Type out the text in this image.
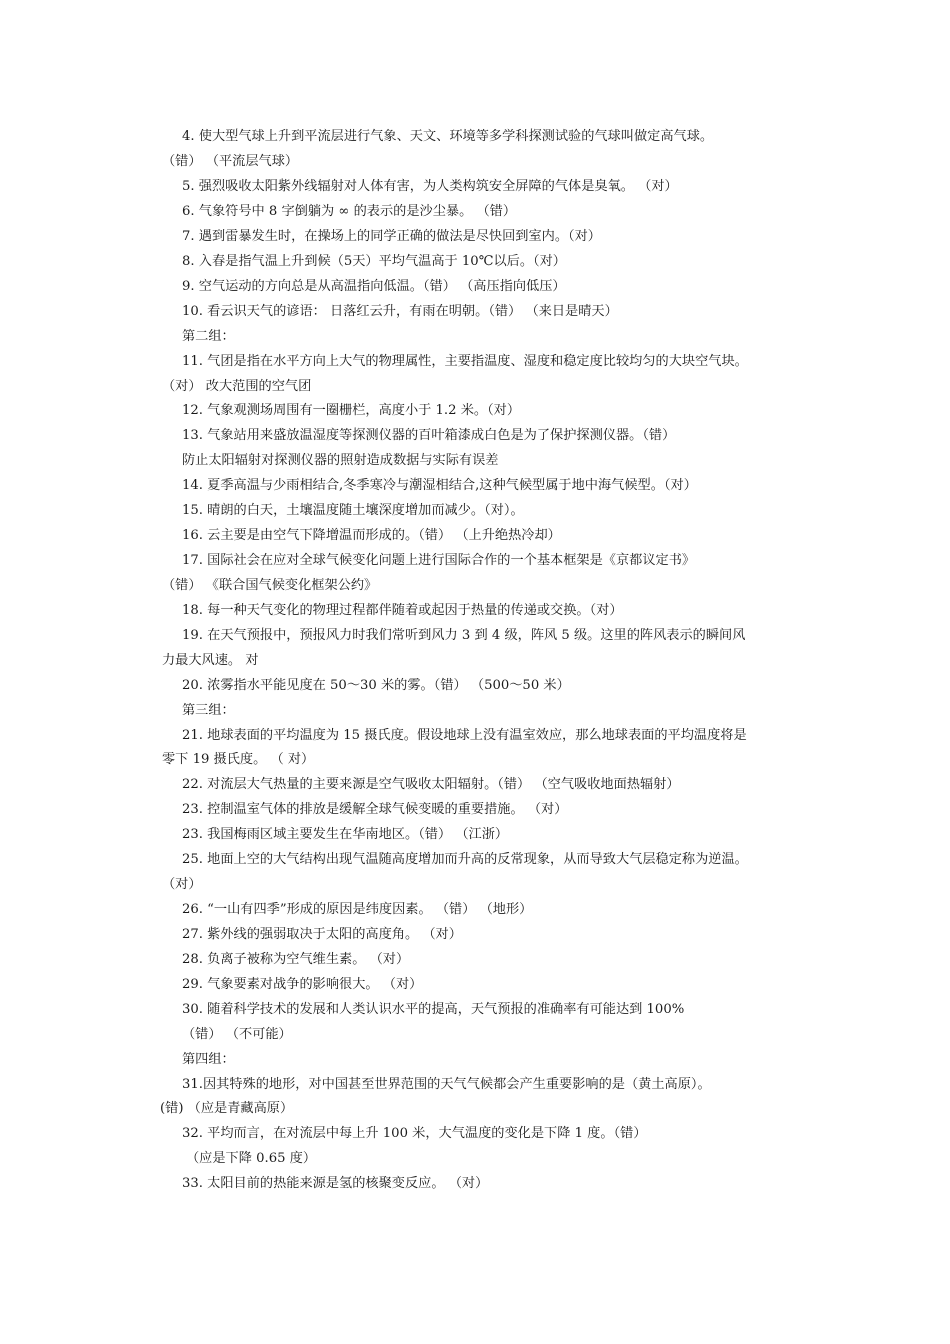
4. 使大型气球上升到平流层进行气象、天文、环境等多学科探测试验的气球叫做定高气球。
（错） （平流层气球）
5. 强烈吸收太阳紫外线辐射对人体有害，为人类构筑安全屏障的气体是臭氧。 （对）
6. 气象符号中 8 字倒躺为 ∞ 的表示的是沙尘暴。 （错）
7. 遇到雷暴发生时，在操场上的同学正确的做法是尽快回到室内。（对）
8. 入春是指气温上升到候（5天）平均气温高于 10℃以后。（对）
9. 空气运动的方向总是从高温指向低温。（错） （高压指向低压）
10. 看云识天气的谚语： 日落红云升，有雨在明朝。（错） （来日是晴天）
第二组：
11. 气团是指在水平方向上大气的物理属性，主要指温度、湿度和稳定度比较均匀的大块空气块。
（对） 改大范围的空气团
12. 气象观测场周围有一圈栅栏，高度小于 1.2 米。（对）
13. 气象站用来盛放温湿度等探测仪器的百叶箱漆成白色是为了保护探测仪器。（错）
防止太阳辐射对探测仪器的照射造成数据与实际有误差
14. 夏季高温与少雨相结合,冬季寒冷与潮湿相结合,这种气候型属于地中海气候型。（对）
15. 晴朗的白天，土壤温度随土壤深度增加而减少。（对）。
16. 云主要是由空气下降增温而形成的。（错） （上升绝热冷却）
17. 国际社会在应对全球气候变化问题上进行国际合作的一个基本框架是《京都议定书》
（错） 《联合国气候变化框架公约》
18. 每一种天气变化的物理过程都伴随着或起因于热量的传递或交换。（对）
19. 在天气预报中，预报风力时我们常听到风力 3 到 4 级，阵风 5 级。这里的阵风表示的瞬间风
力最大风速。 对
20. 浓雾指水平能见度在 50～30 米的雾。（错） （500～50 米）
第三组：
21. 地球表面的平均温度为 15 摄氏度。假设地球上没有温室效应，那么地球表面的平均温度将是
零下 19 摄氏度。 （ 对）
22. 对流层大气热量的主要来源是空气吸收太阳辐射。（错） （空气吸收地面热辐射）
23. 控制温室气体的排放是缓解全球气候变暖的重要措施。 （对）
23. 我国梅雨区域主要发生在华南地区。（错） （江浙）
25. 地面上空的大气结构出现气温随高度增加而升高的反常现象，从而导致大气层稳定称为逆温。
（对）
26. “一山有四季”形成的原因是纬度因素。 （错） （地形）
27. 紫外线的强弱取决于太阳的高度角。 （对）
28. 负离子被称为空气维生素。 （对）
29. 气象要素对战争的影响很大。 （对）
30. 随着科学技术的发展和人类认识水平的提高，天气预报的准确率有可能达到 100%
（错） （不可能）
第四组：
31.因其特殊的地形，对中国甚至世界范围的天气气候都会产生重要影响的是（黄土高原）。
(错) （应是青藏高原）
32. 平均而言，在对流层中每上升 100 米，大气温度的变化是下降 1 度。（错）
（应是下降 0.65 度）
33. 太阳目前的热能来源是氢的核聚变反应。 （对）
